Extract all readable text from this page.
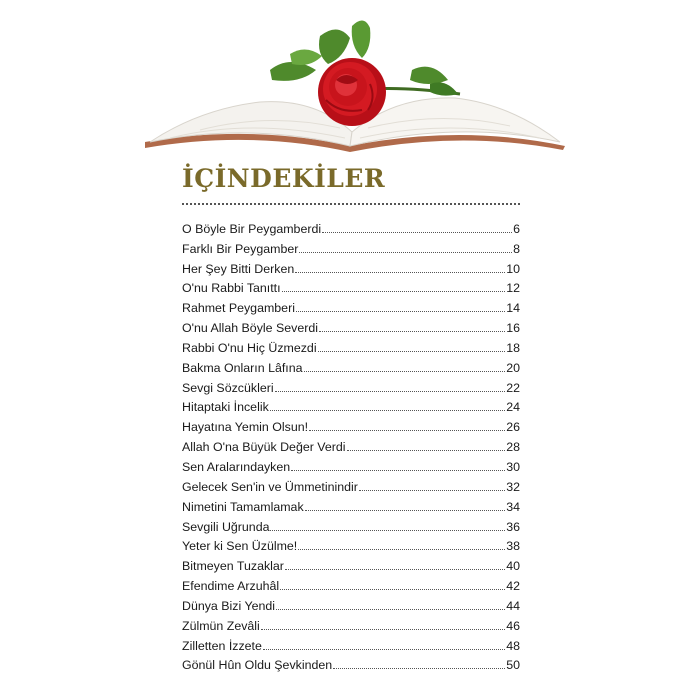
İÇİNDEKİLER
O Böyle Bir Peygamberdi	6
Farklı Bir Peygamber	8
Her Şey Bitti Derken	10
O'nu Rabbi Tanıttı	12
Rahmet Peygamberi	14
O'nu Allah Böyle Severdi	16
Rabbi O'nu Hiç Üzmezdi	18
Bakma Onların Lâfına	20
Sevgi Sözcükleri	22
Hitaptaki İncelik	24
Hayatına Yemin Olsun!	26
Allah O'na Büyük Değer Verdi	28
Sen Aralarındayken	30
Gelecek Sen'in ve Ümmetinindir	32
Nimetini Tamamlamak	34
Sevgili Uğrunda	36
Yeter ki Sen Üzülme!	38
Bitmeyen Tuzaklar	40
Efendime Arzuhâl	42
Dünya Bizi Yendi	44
Zülmün Zevâli	46
Zilletten İzzete	48
Gönül Hûn Oldu Şevkinden	50
